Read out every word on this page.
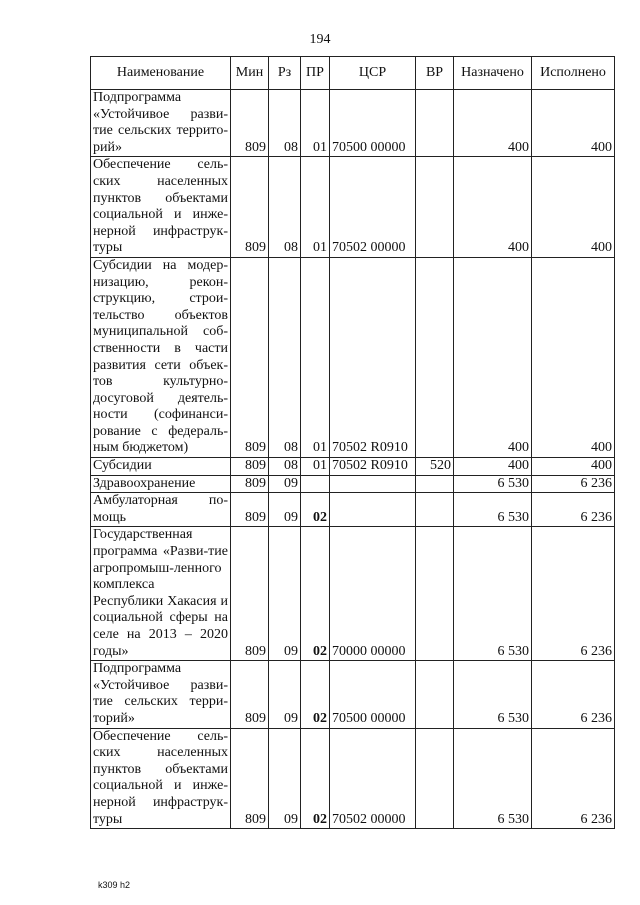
194
Наименование	Мин	Рз	ПР	ЦСР	ВР	Назначено	Исполнено
Подпрограмма «Устойчивое разви-тие сельских террито-рий»	809	08	01	70500 00000		400	400
Обеспечение сель-ских населенных пунктов объектами социальной и инже-нерной инфраструк-туры	809	08	01	70502 00000		400	400
Субсидии на модер-низацию, рекон-струкцию, строи-тельство объектов муниципальной соб-ственности в части развития сети объек-тов культурно-досуговой деятель-ности (софинанси-рование с федераль-ным бюджетом)	809	08	01	70502 R0910		400	400
Субсидии	809	08	01	70502 R0910	520	400	400
Здравоохранение	809	09				6 530	6 236
Амбулаторная по-мощь	809	09	02			6 530	6 236
Государственная программа «Разви-тие агропромыш-ленного комплекса Республики Хакасия и социальной сферы на селе на 2013 – 2020 годы»	809	09	02	70000 00000		6 530	6 236
Подпрограмма «Устойчивое разви-тие сельских терри-торий»	809	09	02	70500 00000		6 530	6 236
Обеспечение сель-ских населенных пунктов объектами социальной и инже-нерной инфраструк-туры	809	09	02	70502 00000		6 530	6 236
k309 h2
